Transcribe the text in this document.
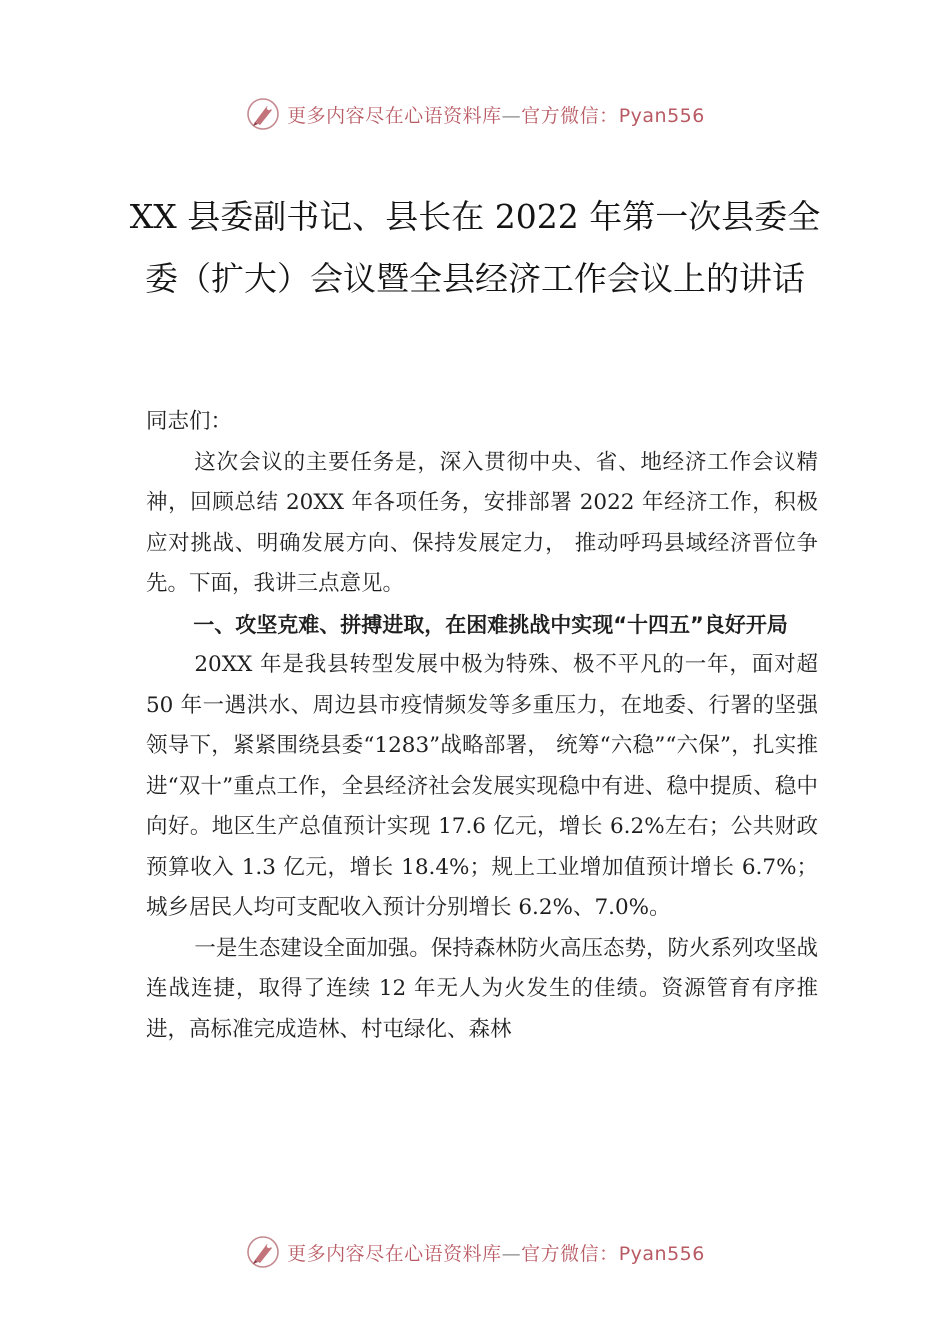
更多内容尽在心语资料库—官方微信：Pyan556
XX 县委副书记、县长在 2022 年第一次县委全委（扩大）会议暨全县经济工作会议上的讲话

同志们：

这次会议的主要任务是，深入贯彻中央、省、地经济工作会议精神，回顾总结 20XX 年各项任务，安排部署 2022 年经济工作，积极应对挑战、明确发展方向、保持发展定力， 推动呼玛县域经济晋位争先。下面，我讲三点意见。

一、攻坚克难、拼搏进取，在困难挑战中实现“十四五”良好开局

20XX 年是我县转型发展中极为特殊、极不平凡的一年，面对超 50 年一遇洪水、周边县市疫情频发等多重压力，在地委、行署的坚强领导下，紧紧围绕县委“1283”战略部署， 统筹“六稳”“六保”，扎实推进“双十”重点工作，全县经济社会发展实现稳中有进、稳中提质、稳中向好。地区生产总值预计实现 17.6 亿元，增长 6.2%左右；公共财政预算收入 1.3 亿元，增长 18.4%；规上工业增加值预计增长 6.7%； 城乡居民人均可支配收入预计分别增长 6.2%、7.0%。

一是生态建设全面加强。保持森林防火高压态势，防火系列攻坚战连战连捷，取得了连续 12 年无人为火发生的佳绩。资源管育有序推进，高标准完成造林、村屯绿化、森林

更多内容尽在心语资料库—官方微信：Pyan556
